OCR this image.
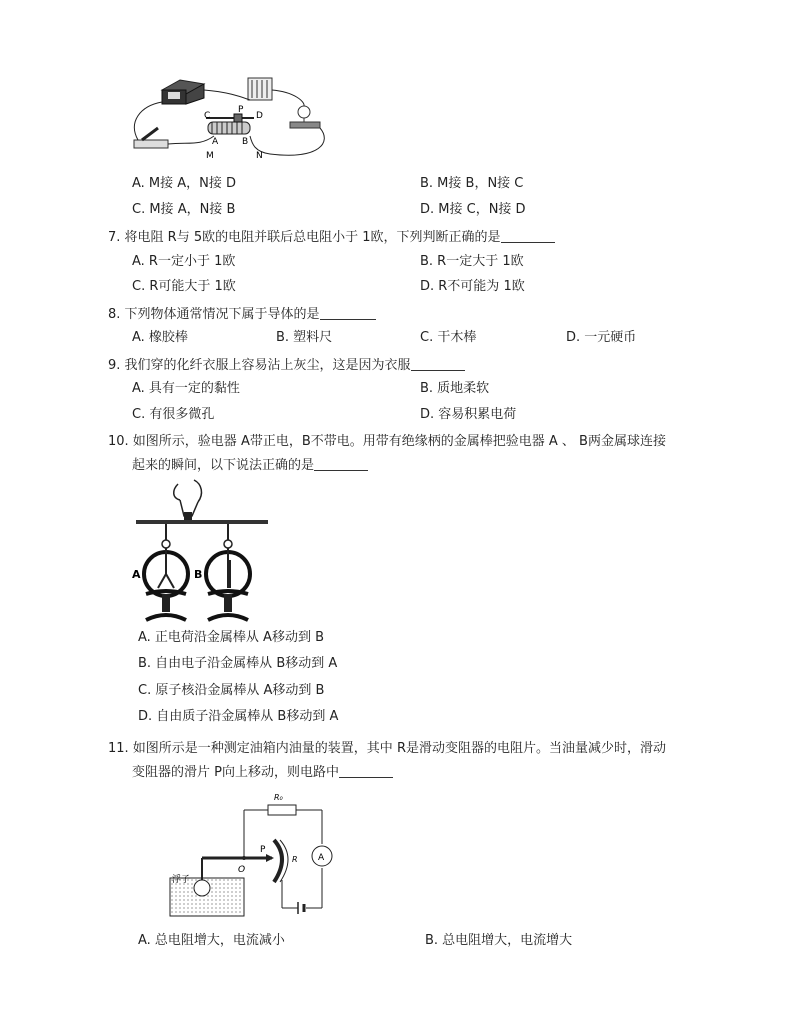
C
P
D
A	B
M	N
A. M接 A，N接 D	B. M接 B，N接 C
C. M接 A，N接 B	D. M接 C，N接 D
7. 将电阻 R与 5欧的电阻并联后总电阻小于 1欧，下列判断正确的是
A. R一定小于 1欧	B. R一定大于 1欧
C. R可能大于 1欧	D. R不可能为 1欧
8. 下列物体通常情况下属于导体的是
A. 橡胶棒	B. 塑料尺	C. 干木棒	D. 一元硬币
9. 我们穿的化纤衣服上容易沾上灰尘，这是因为衣服
A. 具有一定的黏性	B. 质地柔软
C. 有很多微孔	D. 容易积累电荷
10. 如图所示，验电器 A带正电，B不带电。用带有绝缘柄的金属棒把验电器 A 、 B两金属球连接
起来的瞬间，以下说法正确的是
A	B
A. 正电荷沿金属棒从 A移动到 B
B. 自由电子沿金属棒从 B移动到 A
C. 原子核沿金属棒从 A移动到 B
D. 自由质子沿金属棒从 B移动到 A
11. 如图所示是一种测定油箱内油量的装置，其中 R是滑动变阻器的电阻片。当油量减少时，滑动
变阻器的滑片 P向上移动，则电路中
R₀
A
R
P
O
浮子
A. 总电阻增大，电流减小	B. 总电阻增大，电流增大
